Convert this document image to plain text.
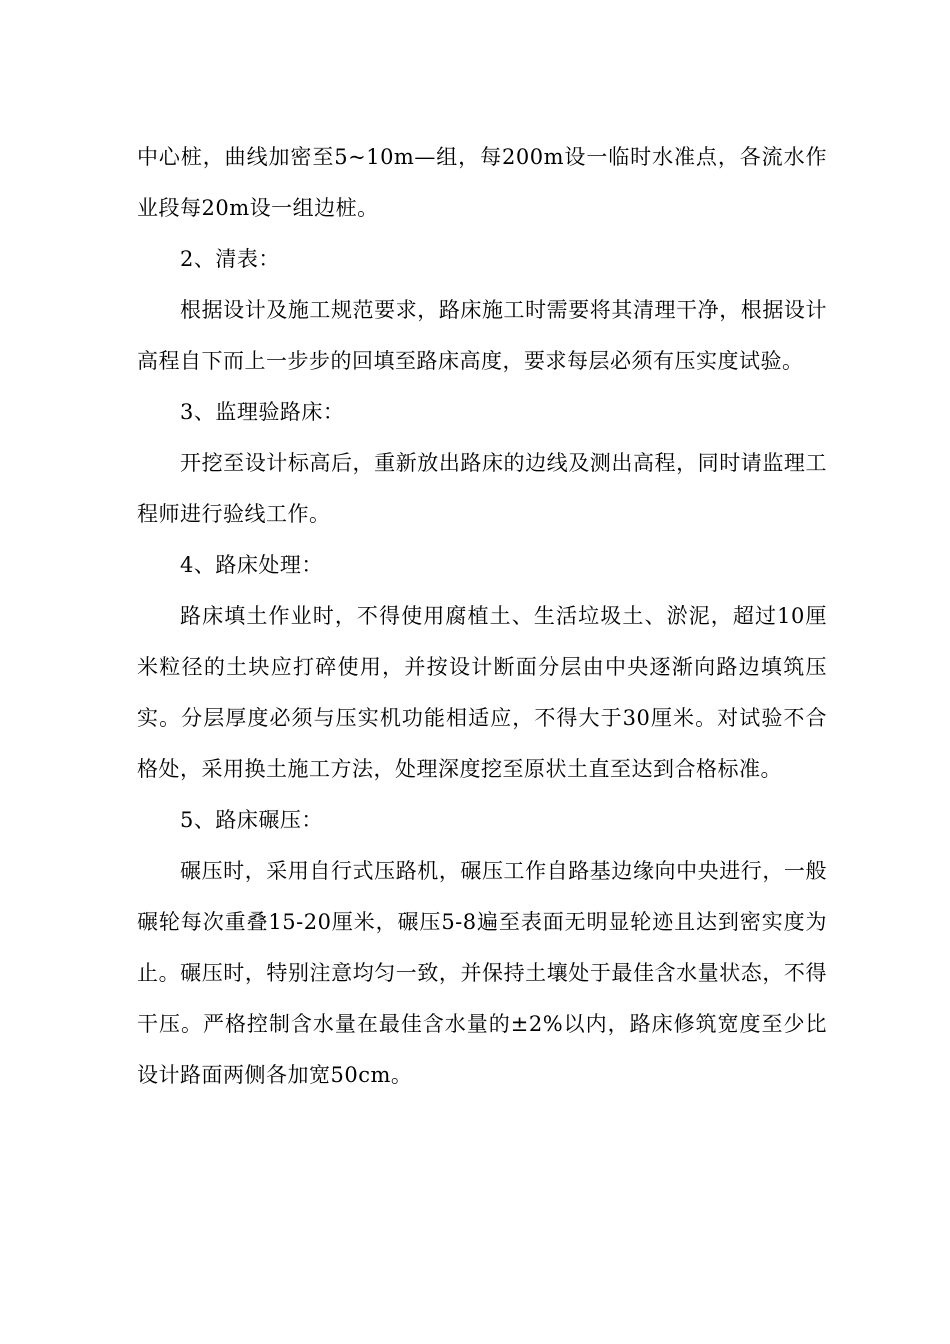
中心桩，曲线加密至5~10m—组，每200m设一临时水准点，各流水作业段每20m设一组边桩。

2、清表：

根据设计及施工规范要求，路床施工时需要将其清理干净，根据设计高程自下而上一步步的回填至路床高度，要求每层必须有压实度试验。

3、监理验路床：

开挖至设计标高后，重新放出路床的边线及测出高程，同时请监理工程师进行验线工作。

4、路床处理：

路床填土作业时，不得使用腐植土、生活垃圾土、淤泥，超过10厘米粒径的土块应打碎使用，并按设计断面分层由中央逐渐向路边填筑压实。分层厚度必须与压实机功能相适应，不得大于30厘米。对试验不合格处，采用换土施工方法，处理深度挖至原状土直至达到合格标准。

5、路床碾压：

碾压时，采用自行式压路机，碾压工作自路基边缘向中央进行，一般碾轮每次重叠15-20厘米，碾压5-8遍至表面无明显轮迹且达到密实度为止。碾压时，特别注意均匀一致，并保持土壤处于最佳含水量状态，不得干压。严格控制含水量在最佳含水量的±2%以内，路床修筑宽度至少比设计路面两侧各加宽50cm。
